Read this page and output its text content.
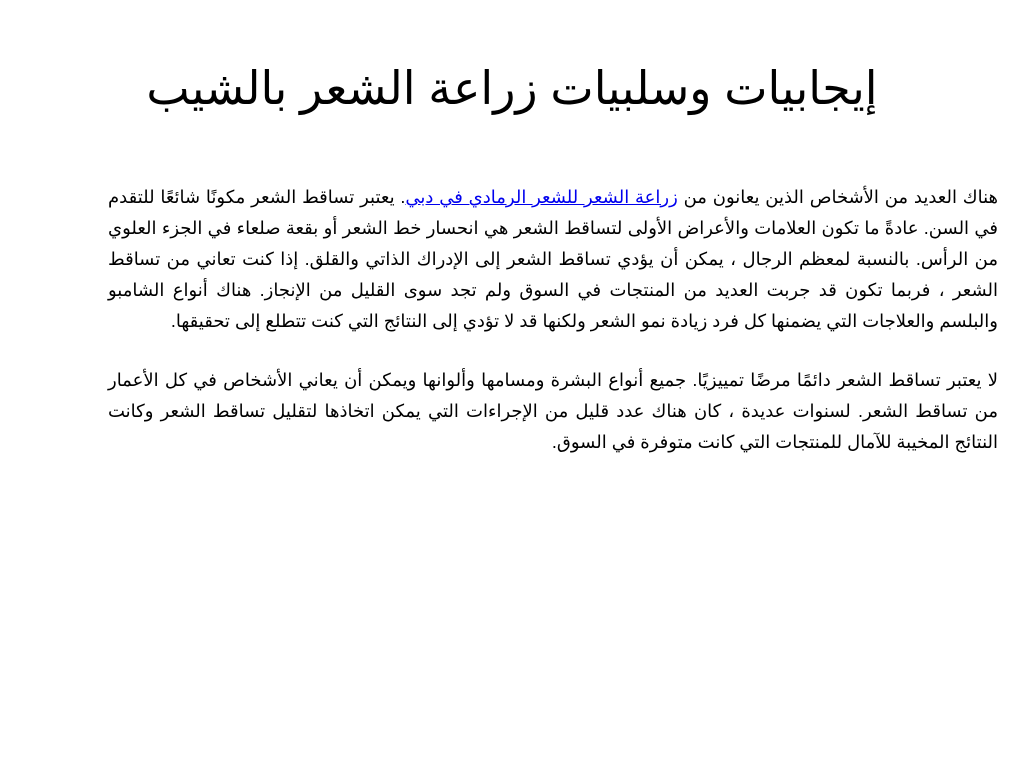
إيجابيات وسلبيات زراعة الشعر بالشيب

هناك العديد من الأشخاص الذين يعانون من زراعة الشعر للشعر الرمادي في دبي. يعتبر تساقط الشعر مكونًا شائعًا للتقدم في السن. عادةً ما تكون العلامات والأعراض الأولى لتساقط الشعر هي انحسار خط الشعر أو بقعة صلعاء في الجزء العلوي من الرأس. بالنسبة لمعظم الرجال ، يمكن أن يؤدي تساقط الشعر إلى الإدراك الذاتي والقلق. إذا كنت تعاني من تساقط الشعر ، فربما تكون قد جربت العديد من المنتجات في السوق ولم تجد سوى القليل من الإنجاز. هناك أنواع الشامبو والبلسم والعلاجات التي يضمنها كل فرد زيادة نمو الشعر ولكنها قد لا تؤدي إلى النتائج التي كنت تتطلع إلى تحقيقها.

لا يعتبر تساقط الشعر دائمًا مرضًا تمييزيًا. جميع أنواع البشرة ومسامها وألوانها ويمكن أن يعاني الأشخاص في كل الأعمار من تساقط الشعر. لسنوات عديدة ، كان هناك عدد قليل من الإجراءات التي يمكن اتخاذها لتقليل تساقط الشعر وكانت النتائج المخيبة للآمال للمنتجات التي كانت متوفرة في السوق.
